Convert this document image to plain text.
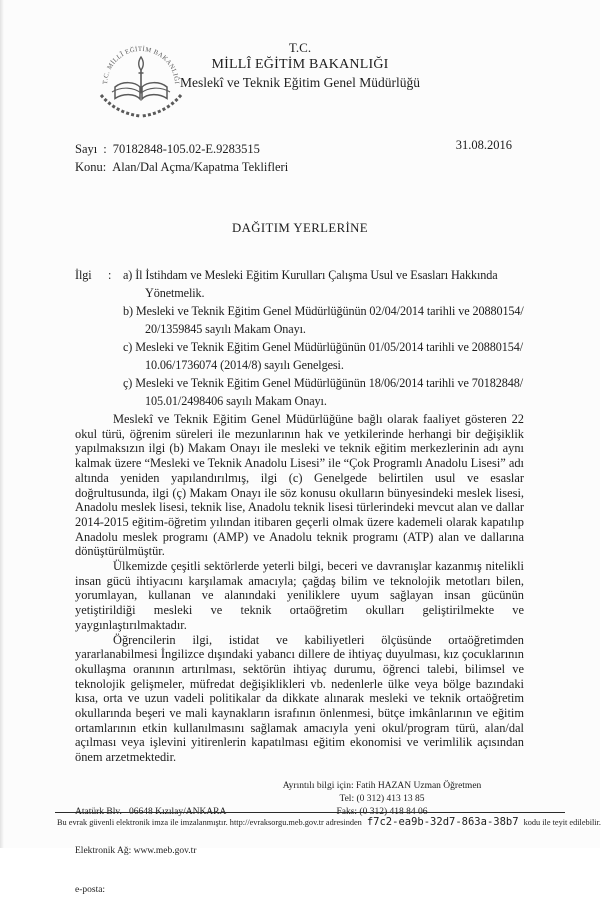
T.C. MİLLÎ EĞİTİM BAKANLIĞI
T.C.
MİLLÎ EĞİTİM BAKANLIĞI
Meslekî ve Teknik Eğitim Genel Müdürlüğü
31.08.2016
Sayı : 70182848-105.02-E.9283515
Konu: Alan/Dal Açma/Kapatma Teklifleri
DAĞITIM YERLERİNE
İlgi	: a) İl İstihdam ve Mesleki Eğitim Kurulları Çalışma Usul ve Esasları Hakkında
Yönetmelik.
b) Mesleki ve Teknik Eğitim Genel Müdürlüğünün 02/04/2014 tarihli ve 20880154/
20/1359845 sayılı Makam Onayı.
c) Mesleki ve Teknik Eğitim Genel Müdürlüğünün 01/05/2014 tarihli ve 20880154/
10.06/1736074 (2014/8) sayılı Genelgesi.
ç) Mesleki ve Teknik Eğitim Genel Müdürlüğünün 18/06/2014 tarihli ve 70182848/
105.01/2498406 sayılı Makam Onayı.

Meslekî ve Teknik Eğitim Genel Müdürlüğüne bağlı olarak faaliyet gösteren 22 okul türü, öğrenim süreleri ile mezunlarının hak ve yetkilerinde herhangi bir değişiklik yapılmaksızın ilgi (b) Makam Onayı ile mesleki ve teknik eğitim merkezlerinin adı aynı kalmak üzere “Mesleki ve Teknik Anadolu Lisesi” ile “Çok Programlı Anadolu Lisesi” adı altında yeniden yapılandırılmış, ilgi (c) Genelgede belirtilen usul ve esaslar doğrultusunda, ilgi (ç) Makam Onayı ile söz konusu okulların bünyesindeki meslek lisesi, Anadolu meslek lisesi, teknik lise, Anadolu teknik lisesi türlerindeki mevcut alan ve dallar 2014-2015 eğitim-öğretim yılından itibaren geçerli olmak üzere kademeli olarak kapatılıp Anadolu meslek programı (AMP) ve Anadolu teknik programı (ATP) alan ve dallarına dönüştürülmüştür.

Ülkemizde çeşitli sektörlerde yeterli bilgi, beceri ve davranışlar kazanmış nitelikli insan gücü ihtiyacını karşılamak amacıyla; çağdaş bilim ve teknolojik metotları bilen, yorumlayan, kullanan ve alanındaki yeniliklere uyum sağlayan insan gücünün yetiştirildiği mesleki ve teknik ortaöğretim okulları geliştirilmekte ve yaygınlaştırılmaktadır.

Öğrencilerin ilgi, istidat ve kabiliyetleri ölçüsünde ortaöğretimden yararlanabilmesi İngilizce dışındaki yabancı dillere de ihtiyaç duyulması, kız çocuklarının okullaşma oranının artırılması, sektörün ihtiyaç durumu, öğrenci talebi, bilimsel ve teknolojik gelişmeler, müfredat değişiklikleri vb. nedenlerle ülke veya bölge bazındaki kısa, orta ve uzun vadeli politikalar da dikkate alınarak mesleki ve teknik ortaöğretim okullarında beşeri ve mali kaynakların israfının önlenmesi, bütçe imkânlarının ve eğitim ortamlarının etkin kullanılmasını sağlamak amacıyla yeni okul/program türü, alan/dal açılması veya işlevini yitirenlerin kapatılması eğitim ekonomisi ve verimlilik açısından önem arzetmektedir.

Atatürk Blv.   06648 Kızılay/ANKARA

Elektronik Ağ: www.meb.gov.tr

e-posta:

Ayrıntılı bilgi için: Fatih HAZAN Uzman Öğretmen
Tel: (0 312) 413 13 85
Faks: (0 312) 418 84 06
Bu evrak güvenli elektronik imza ile imzalanmıştır. http://evraksorgu.meb.gov.tr adresinden f7c2-ea9b-32d7-863a-38b7 kodu ile teyit edilebilir.
